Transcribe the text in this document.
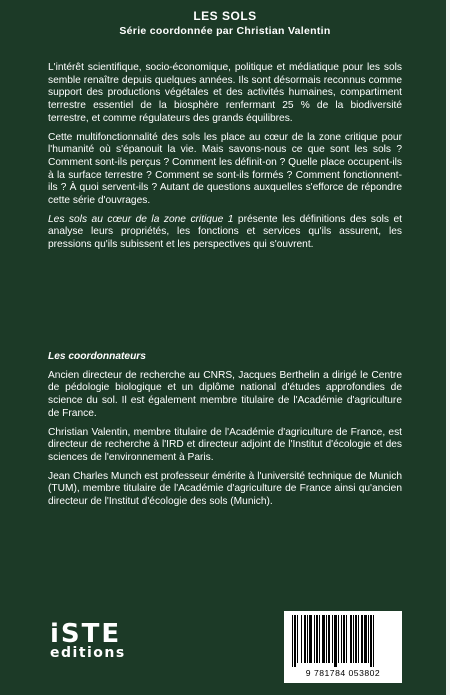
LES SOLS
Série coordonnée par Christian Valentin

L'intérêt scientifique, socio-économique, politique et médiatique pour les sols semble renaître depuis quelques années. Ils sont désormais reconnus comme support des productions végétales et des activités humaines, compartiment terrestre essentiel de la biosphère renfermant 25 % de la biodiversité terrestre, et comme régulateurs des grands équilibres.

Cette multifonctionnalité des sols les place au cœur de la zone critique pour l'humanité où s'épanouit la vie. Mais savons-nous ce que sont les sols ? Comment sont-ils perçus ? Comment les définit-on ? Quelle place occupent-ils à la surface terrestre ? Comment se sont-ils formés ? Comment fonctionnent-ils ? À quoi servent-ils ? Autant de questions auxquelles s'efforce de répondre cette série d'ouvrages.

Les sols au cœur de la zone critique 1 présente les définitions des sols et analyse leurs propriétés, les fonctions et services qu'ils assurent, les pressions qu'ils subissent et les perspectives qui s'ouvrent.

Les coordonnateurs

Ancien directeur de recherche au CNRS, Jacques Berthelin a dirigé le Centre de pédologie biologique et un diplôme national d'études approfondies de science du sol. Il est également membre titulaire de l'Académie d'agriculture de France.

Christian Valentin, membre titulaire de l'Académie d'agriculture de France, est directeur de recherche à l'IRD et directeur adjoint de l'Institut d'écologie et des sciences de l'environnement à Paris.

Jean Charles Munch est professeur émérite à l'université technique de Munich (TUM), membre titulaire de l'Académie d'agriculture de France ainsi qu'ancien directeur de l'Institut d'écologie des sols (Munich).

iSTE
editions
9 781784 053802
